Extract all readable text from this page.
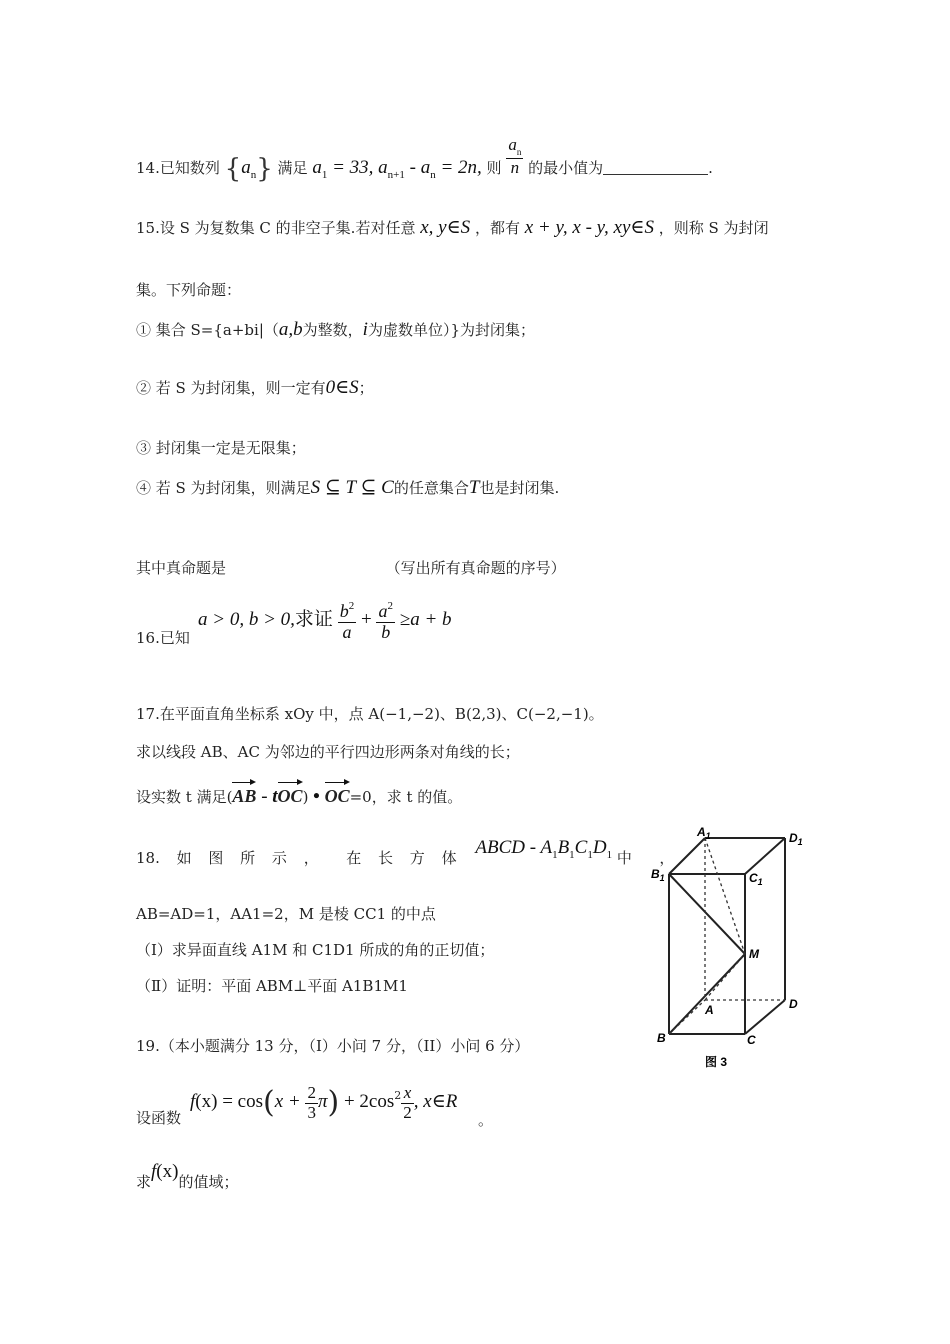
14.已知数列 $\{a_n\}$ 满足 $a_1 = 33$, $a_{n+1} - a_n = 2n$, 则 $\frac{a_n}{n}$ 的最小值为	.
15.设 S 为复数集 C 的非空子集.若对任意 x, y∈S ，都有 x + y, x - y, xy∈S ，则称 S 为封闭
集。下列命题：
① 集合 S={a+bi|（a,b为整数，i为虚数单位）}为封闭集；
② 若 S 为封闭集，则一定有0∈S；
③ 封闭集一定是无限集；
④ 若 S 为封闭集，则满足S ⊆ T ⊆ C的任意集合T也是封闭集.
其中真命题是	（写出所有真命题的序号）
16.已知
a > 0, b > 0,求证 $\frac{b^2}{a} + \frac{a^2}{b} \ge a + b$
17.在平面直角坐标系 xOy 中，点 A(−1,−2)、B(2,3)、C(−2,−1)。
求以线段 AB、AC 为邻边的平行四边形两条对角线的长；
设实数 t 满足(AB - tOC) • OC=0，求 t 的值。
18. 如 图 所 示 ， 在 长 方 体 ABCD - $A_1B_1C_1D_1$ 中 ，
AB=AD=1，AA1=2，M 是棱 CC1 的中点
（Ⅰ）求异面直线 A1M 和 C1D1 所成的角的正切值；
（Ⅱ）证明：平面 ABM⊥平面 A1B1M1
$A_1$	$D_1$
$B_1$	$C_1$
M
A	D
B	C
图 3
19.（本小题满分 13 分，（I）小问 7 分，（II）小问 6 分）
设函数
$f(x) = \cos(x + \frac{2}{3} \pi) + 2\cos^2 \frac{x}{2}$ , x∈R
。
求f(x)的值域；
